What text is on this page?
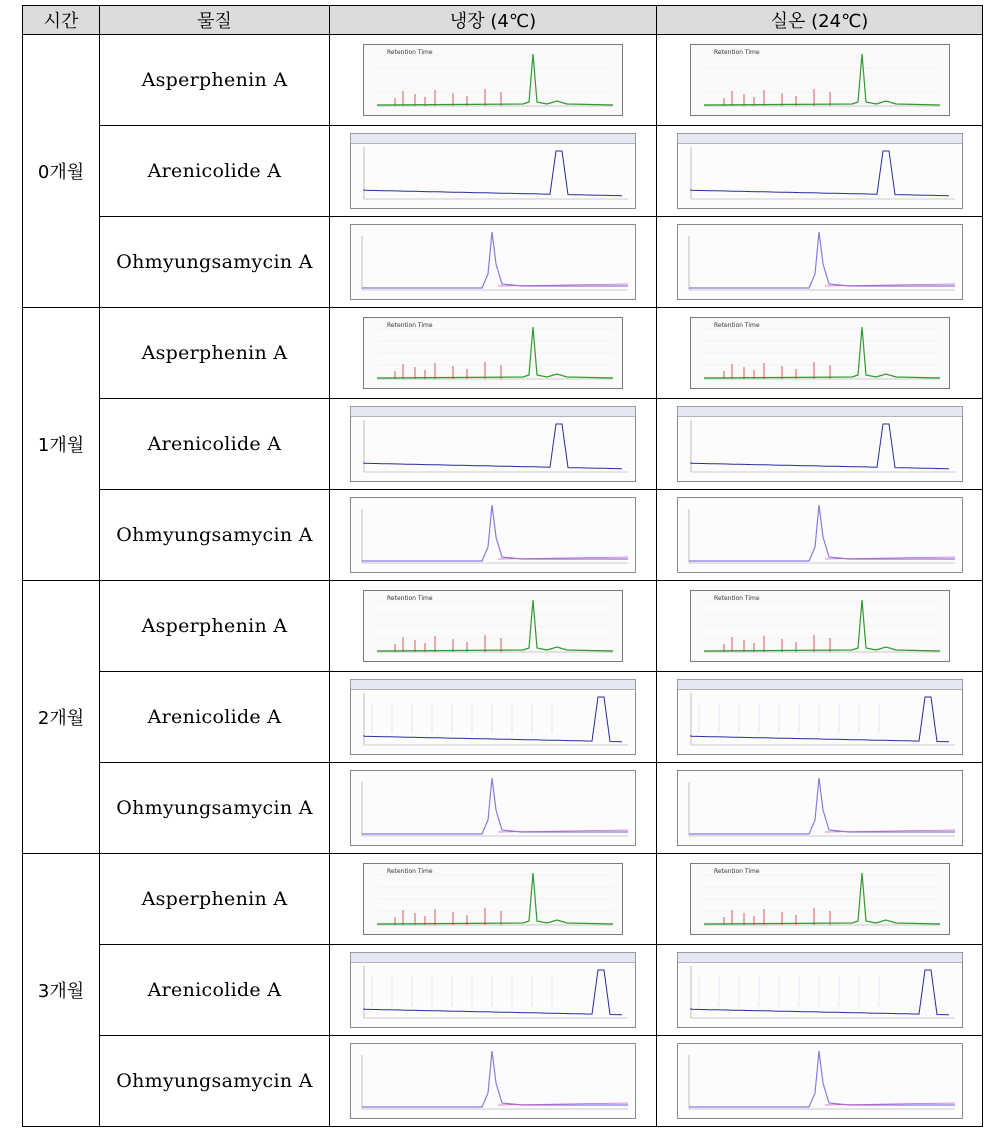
시간	물질	냉장 (4℃)	실온 (24℃)
0개월	Asperphenin A	Retention Time	Retention Time

	Arenicolide A	

	Ohmyungsamycin A	

1개월	Asperphenin A	Retention Time	Retention Time

	Arenicolide A	

	Ohmyungsamycin A	

2개월	Asperphenin A	Retention Time	Retention Time

	Arenicolide A	

	Ohmyungsamycin A	

3개월	Asperphenin A	Retention Time	Retention Time

	Arenicolide A	

	Ohmyungsamycin A	
